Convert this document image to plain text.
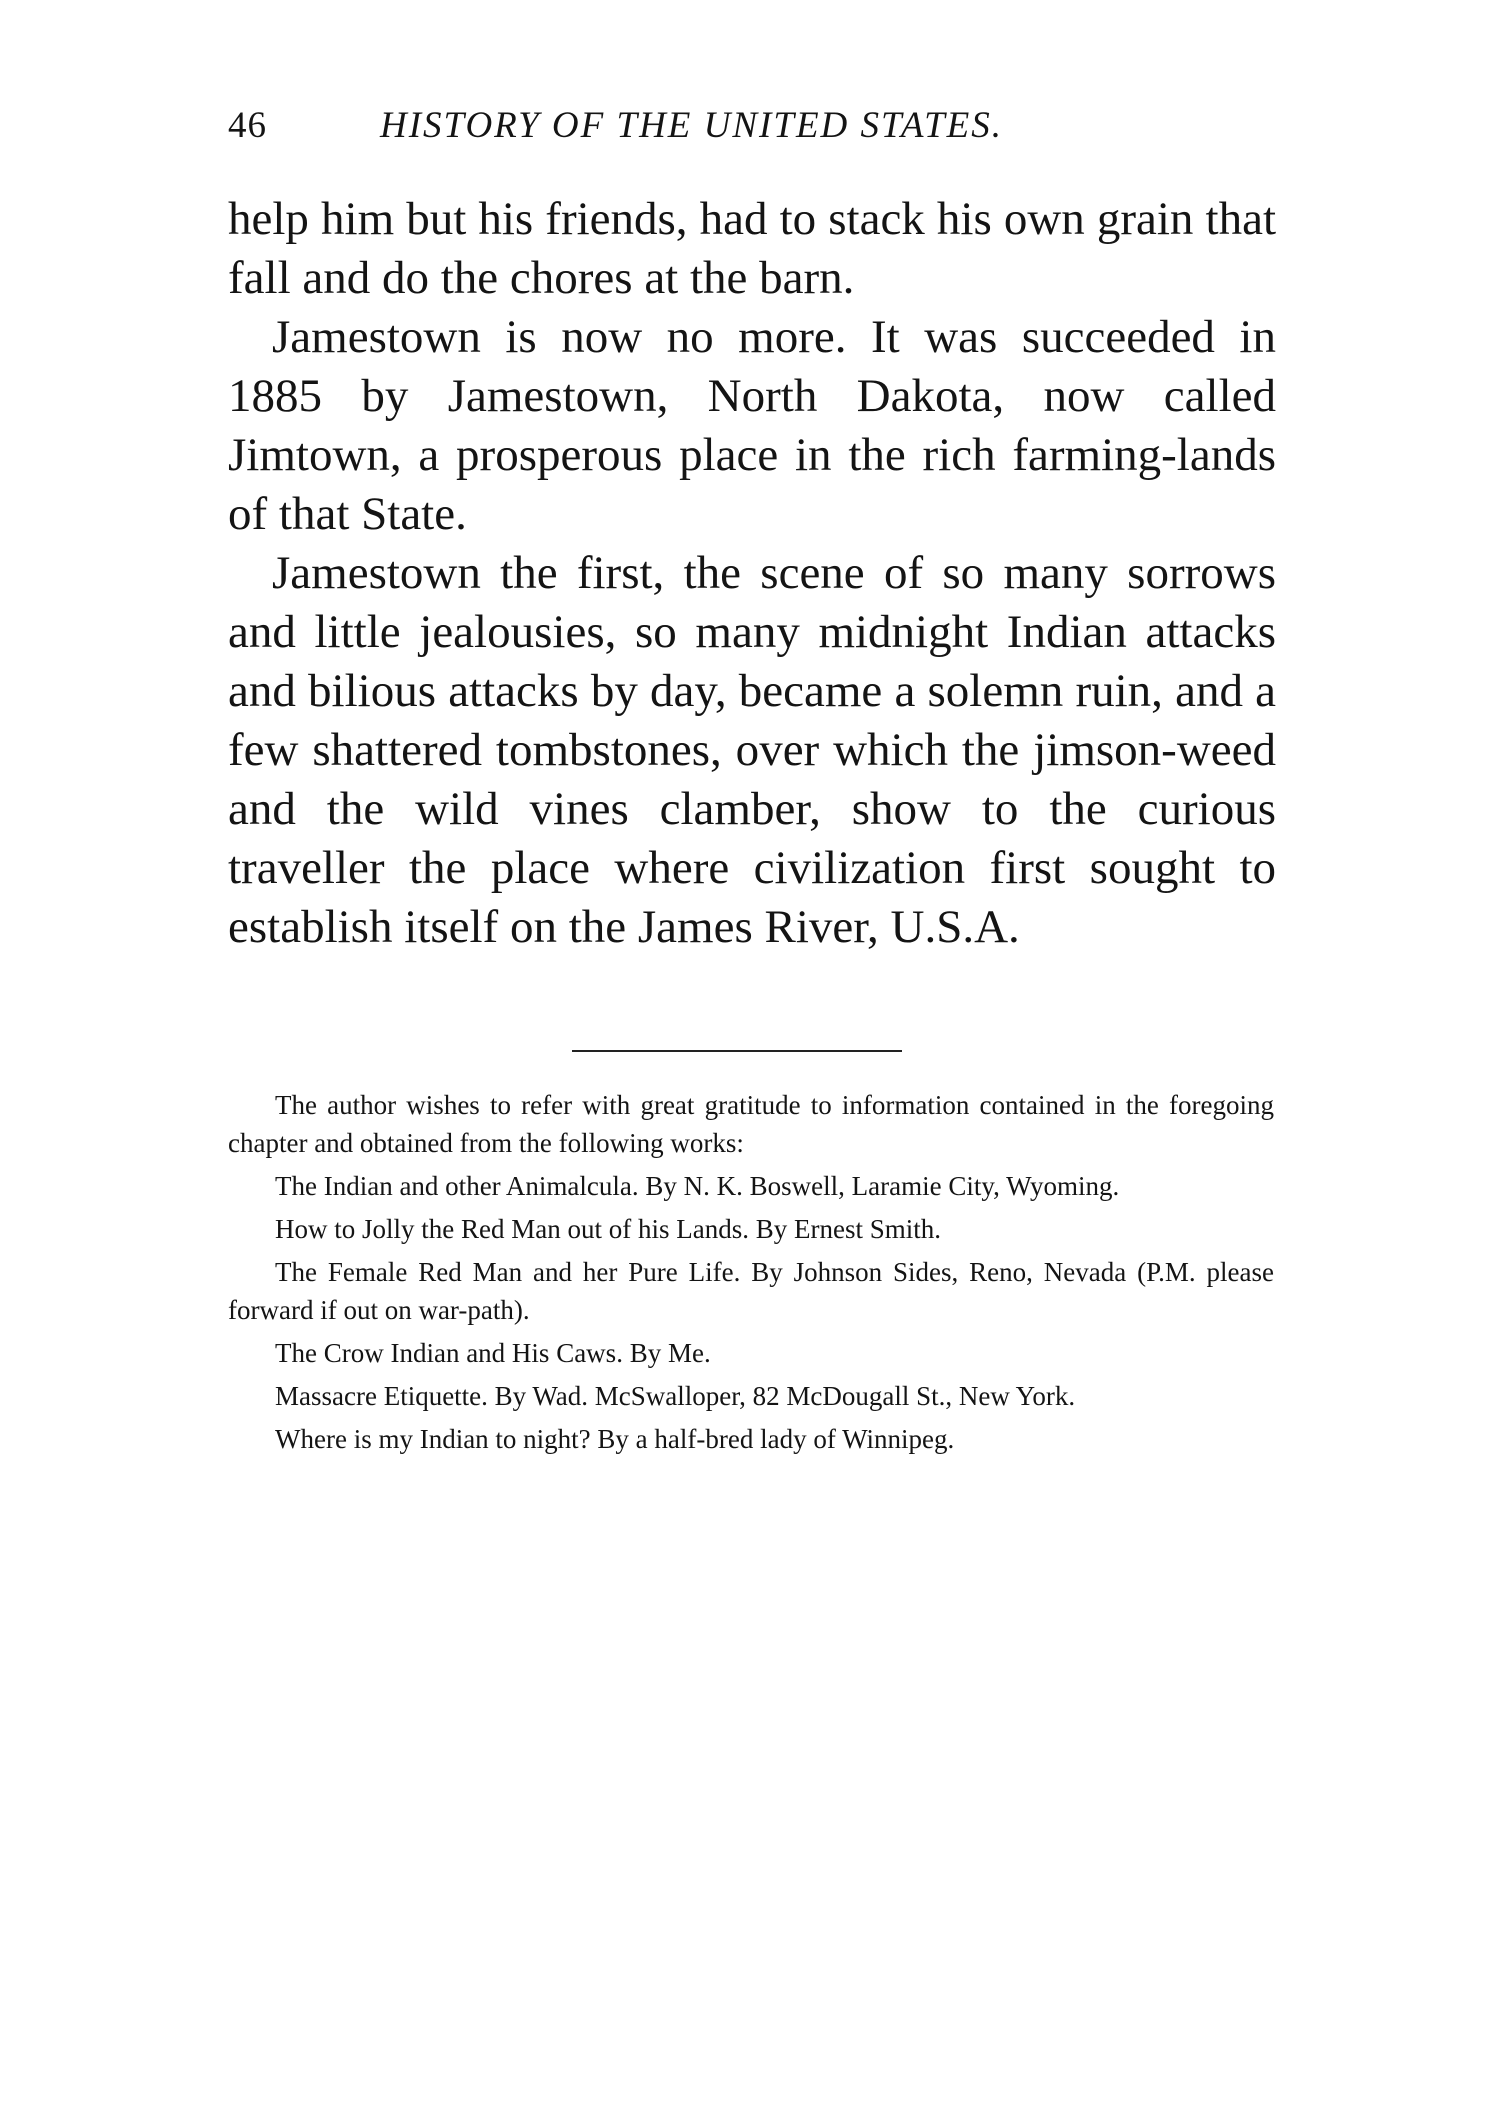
46	HISTORY OF THE UNITED STATES.

help him but his friends, had to stack his own grain that fall and do the chores at the barn.

Jamestown is now no more. It was succeeded in 1885 by Jamestown, North Dakota, now called Jimtown, a prosperous place in the rich farming-lands of that State.

Jamestown the first, the scene of so many sorrows and little jealousies, so many midnight Indian attacks and bilious attacks by day, became a solemn ruin, and a few shattered tombstones, over which the jimson-weed and the wild vines clamber, show to the curious traveller the place where civilization first sought to establish itself on the James River, U.S.A.

The author wishes to refer with great gratitude to information contained in the foregoing chapter and obtained from the following works:

The Indian and other Animalcula. By N. K. Boswell, Laramie City, Wyoming.

How to Jolly the Red Man out of his Lands. By Ernest Smith.

The Female Red Man and her Pure Life. By Johnson Sides, Reno, Nevada (P.M. please forward if out on war-path).

The Crow Indian and His Caws. By Me.

Massacre Etiquette. By Wad. McSwalloper, 82 McDougall St., New York.

Where is my Indian to night? By a half-bred lady of Winnipeg.
